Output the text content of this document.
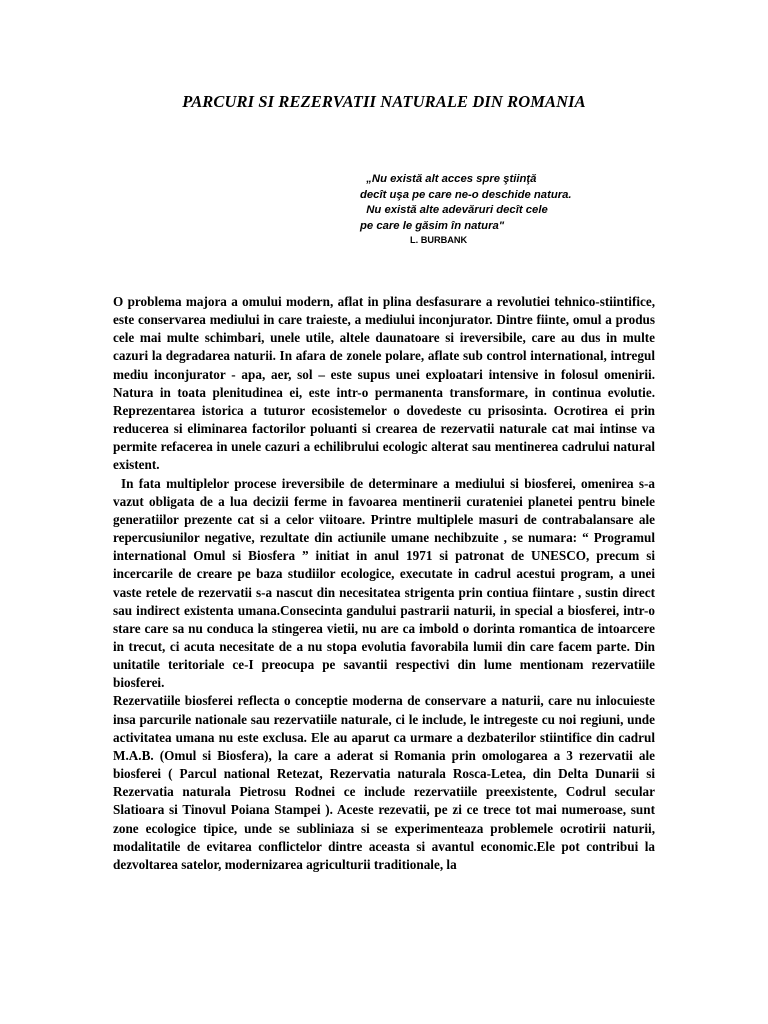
PARCURI SI REZERVATII NATURALE DIN ROMANIA
„Nu există alt acces spre ştiinţă
decît uşa pe care ne-o deschide natura.
Nu există alte adevăruri decît cele
pe care le găsim în natura"
L. BURBANK

O problema majora a omului modern, aflat in plina desfasurare a revolutiei tehnico-stiintifice, este conservarea mediului in care traieste, a mediului inconjurator. Dintre fiinte, omul a produs cele mai multe schimbari, unele utile, altele daunatoare si ireversibile, care au dus in multe cazuri la degradarea naturii. In afara de zonele polare, aflate sub control international, intregul mediu inconjurator - apa, aer, sol – este supus unei exploatari intensive in folosul omenirii. Natura in toata plenitudinea ei, este intr-o permanenta transformare, in continua evolutie. Reprezentarea istorica a tuturor ecosistemelor o dovedeste cu prisosinta. Ocrotirea ei prin reducerea si eliminarea factorilor poluanti si crearea de rezervatii naturale cat mai intinse va permite refacerea in unele cazuri a echilibrului ecologic alterat sau mentinerea cadrului natural existent.

In fata multiplelor procese ireversibile de determinare a mediului si biosferei, omenirea s-a vazut obligata de a lua decizii ferme in favoarea mentinerii curateniei planetei pentru binele generatiilor prezente cat si a celor viitoare. Printre multiplele masuri de contrabalansare ale repercusiunilor negative, rezultate din actiunile umane nechibzuite , se numara: “ Programul international Omul si Biosfera ” initiat in anul 1971 si patronat de UNESCO, precum si incercarile de creare pe baza studiilor ecologice, executate in cadrul acestui program, a unei vaste retele de rezervatii s-a nascut din necesitatea strigenta prin contiua fiintare , sustin direct sau indirect existenta umana.Consecinta gandului pastrarii naturii, in special a biosferei, intr-o stare care sa nu conduca la stingerea vietii, nu are ca imbold o dorinta romantica de intoarcere in trecut, ci acuta necesitate de a nu stopa evolutia favorabila lumii din care facem parte. Din unitatile teritoriale ce-I preocupa pe savantii respectivi din lume mentionam rezervatiile biosferei.

Rezervatiile biosferei reflecta o conceptie moderna de conservare a naturii, care nu inlocuieste insa parcurile nationale sau rezervatiile naturale, ci le include, le intregeste cu noi regiuni, unde activitatea umana nu este exclusa. Ele au aparut ca urmare a dezbaterilor stiintifice din cadrul M.A.B. (Omul si Biosfera), la care a aderat si Romania prin omologarea a 3 rezervatii ale biosferei ( Parcul national Retezat, Rezervatia naturala Rosca-Letea, din Delta Dunarii si Rezervatia naturala Pietrosu Rodnei ce include rezervatiile preexistente, Codrul secular Slatioara si Tinovul Poiana Stampei ). Aceste rezevatii, pe zi ce trece tot mai numeroase, sunt zone ecologice tipice, unde se subliniaza si se experimenteaza problemele ocrotirii naturii, modalitatile de evitarea conflictelor dintre aceasta si avantul economic.Ele pot contribui la dezvoltarea satelor, modernizarea agriculturii traditionale, la
